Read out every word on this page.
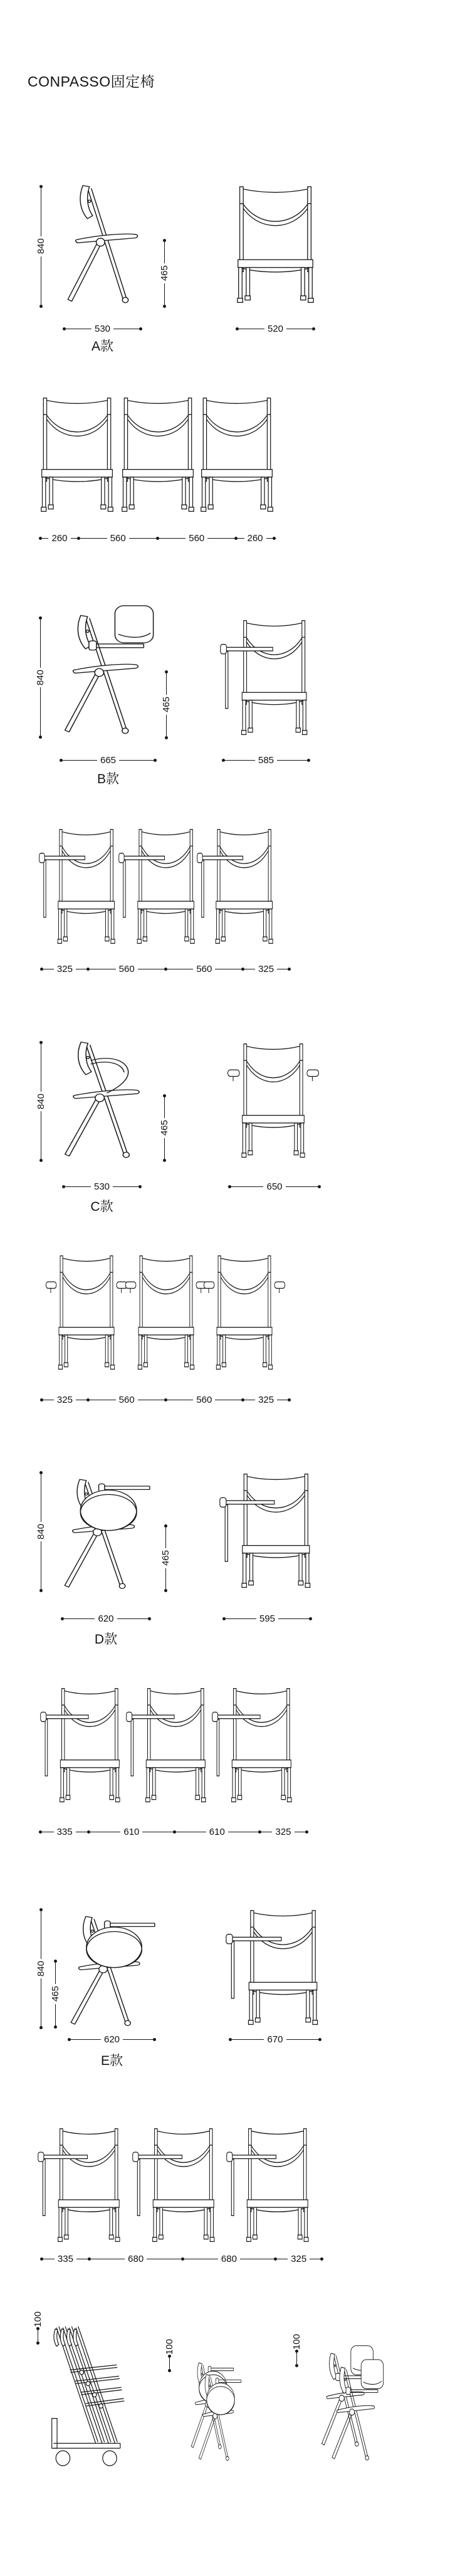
CONPASSO固定椅
840
465
530	520
A款
260	560	560	260
840
465
665	585
B款
325	560	560	325
840
465
530	650
C款
325	560	560	325
840
465
620	595
D款
335	610	610	325
840
465
620	670
E款
335	680	680	325
100
100	100
